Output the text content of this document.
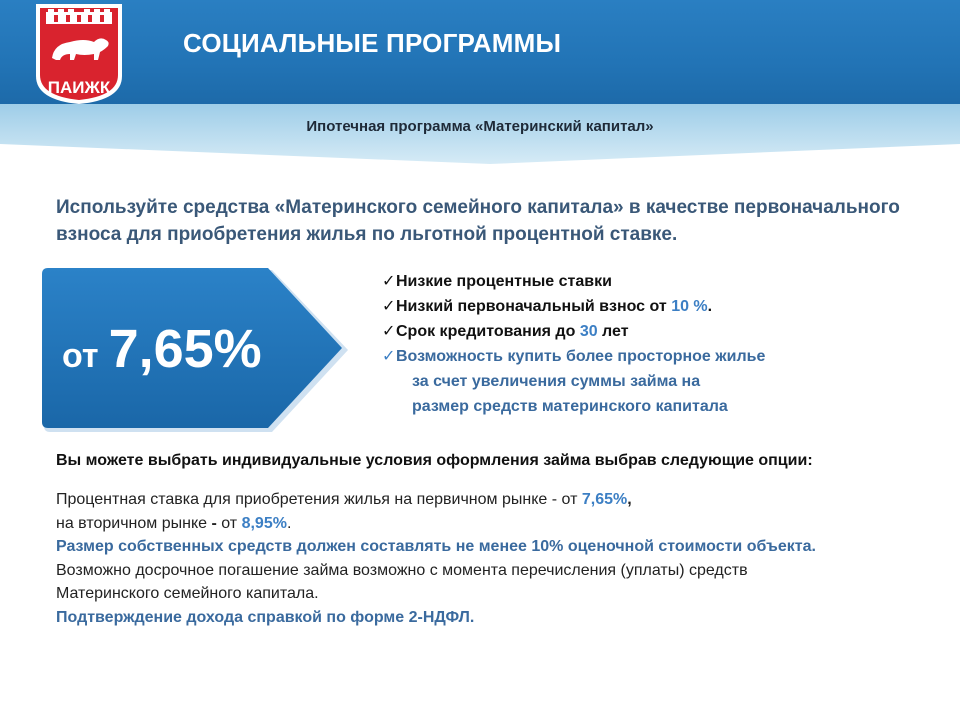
ПАИЖК
СОЦИАЛЬНЫЕ ПРОГРАММЫ
Ипотечная программа «Материнский капитал»
Используйте средства «Материнского семейного капитала» в качестве первоначального взноса для приобретения жилья по льготной процентной ставке.
от 7,65%
✓ Низкие процентные ставки
✓ Низкий первоначальный взнос от 10 %.
✓ Срок кредитования до 30 лет
✓ Возможность купить более просторное жилье
за счет увеличения суммы займа на
размер средств материнского капитала
Вы можете выбрать индивидуальные условия оформления займа выбрав следующие опции:

Процентная ставка для приобретения жилья на первичном рынке - от 7,65%,

на вторичном рынке - от 8,95%.

Размер собственных средств должен составлять не менее 10% оценочной стоимости объекта.

Возможно досрочное погашение займа возможно с момента перечисления (уплаты) средств

Материнского семейного капитала.

Подтверждение дохода справкой по форме 2-НДФЛ.
